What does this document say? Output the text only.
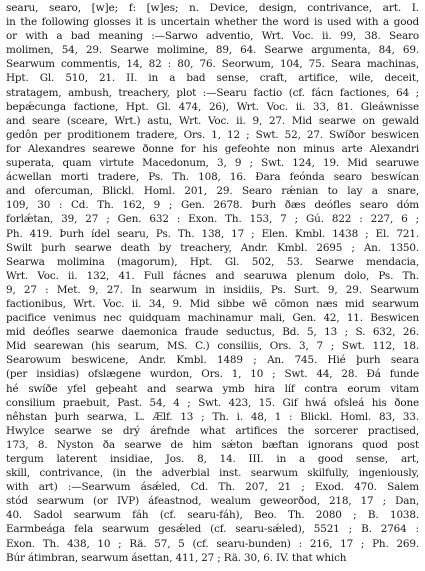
searu, searo, [w]e; f: [w]es; n. Device, design, contrivance, art. I.
in the following glosses it is uncertain whether the word is used with a good
or with a bad meaning :—Sarwo adventio, Wrt. Voc. ii. 99, 38. Searo
molimen, 54, 29. Searwe molimine, 89, 64. Searwe argumenta, 84, 69.
Searwum commentis, 14, 82 : 80, 76. Seorwum, 104, 75. Seara machinas,
Hpt. Gl. 510, 21. II. in a bad sense, craft, artifice, wile, deceit,
stratagem, ambush, treachery, plot :—Searu factio (cf. fácn factiones, 64 ;
bepǽcunga factione, Hpt. Gl. 474, 26), Wrt. Voc. ii. 33, 81. Gleáwnisse
and seare (sceare, Wrt.) astu, Wrt. Voc. ii. 9, 27. Mid searwe on gewald
gedôn per proditionem tradere, Ors. 1, 12 ; Swt. 52, 27. Swíðor beswicen
for Alexandres searewe ðonne for his gefeohte non minus arte Alexandri
superata, quam virtute Macedonum, 3, 9 ; Swt. 124, 19. Mid searuwe
ácwellan morti tradere, Ps. Th. 108, 16. Ðara feónda searo beswícan
and ofercuman, Blickl. Homl. 201, 29. Searo rǽnian to lay a snare,
109, 30 : Cd. Th. 162, 9 ; Gen. 2678. Þurh ðæs deófles searo dóm
forlǽtan, 39, 27 ; Gen. 632 : Exon. Th. 153, 7 ; Gú. 822 : 227, 6 ;
Ph. 419. Þurh ídel searu, Ps. Th. 138, 17 ; Elen. Kmbl. 1438 ; El. 721.
Swilt þurh searwe death by treachery, Andr. Kmbl. 2695 ; An. 1350.
Searwa molimina (magorum), Hpt. Gl. 502, 53. Searwe mendacia,
Wrt. Voc. ii. 132, 41. Full fácnes and searuwa plenum dolo, Ps. Th.
9, 27 : Met. 9, 27. In searwum in insidiis, Ps. Surt. 9, 29. Searwum
factionibus, Wrt. Voc. ii. 34, 9. Mid sibbe wē cōmon næs mid searwum
pacifice venimus nec quidquam machinamur mali, Gen. 42, 11. Beswicen
mid deófles searwe daemonica fraude seductus, Bd. 5, 13 ; S. 632, 26.
Mid searewan (his searum, MS. C.) consiliis, Ors. 3, 7 ; Swt. 112, 18.
Searowum beswicene, Andr. Kmbl. 1489 ; An. 745. Hié þurh seara
(per insidias) ofslægene wurdon, Ors. 1, 10 ; Swt. 44, 28. Ðá funde
hé swíðe yfel geþeaht and searwa ymb hira líf contra eorum vitam
consilium praebuit, Past. 54, 4 ; Swt. 423, 15. Gif hwá ofsleá his ðone
nêhstan þurh searwa, L. Ælf. 13 ; Th. i. 48, 1 : Blickl. Homl. 83, 33.
Hwylce searwe se drý árefnde what artifices the sorcerer practised,
173, 8. Nyston ða searwe de him sǽton bæftan ignorans quod post
tergum laterent insidiae, Jos. 8, 14. III. in a good sense, art,
skill, contrivance, (in the adverbial inst. searwum skilfully, ingeniously,
with art) :—Searwum ásǽled, Cd. Th. 207, 21 ; Exod. 470. Salem
stód searwum (or IVP) áfeastnod, wealum geweorðod, 218, 17 ; Dan,
40. Sadol searwum fáh (cf. searu-fáh), Beo. Th. 2080 ; B. 1038.
Earmbeága fela searwum gesǽled (cf. searu-sǽled), 5521 ; B. 2764 :
Exon. Th. 438, 10 ; Rä. 57, 5 (cf. searu-bunden) : 216, 17 ; Ph. 269.
Búr átimbran, searwum ásettan, 411, 27 ; Rä. 30, 6. IV. that which
